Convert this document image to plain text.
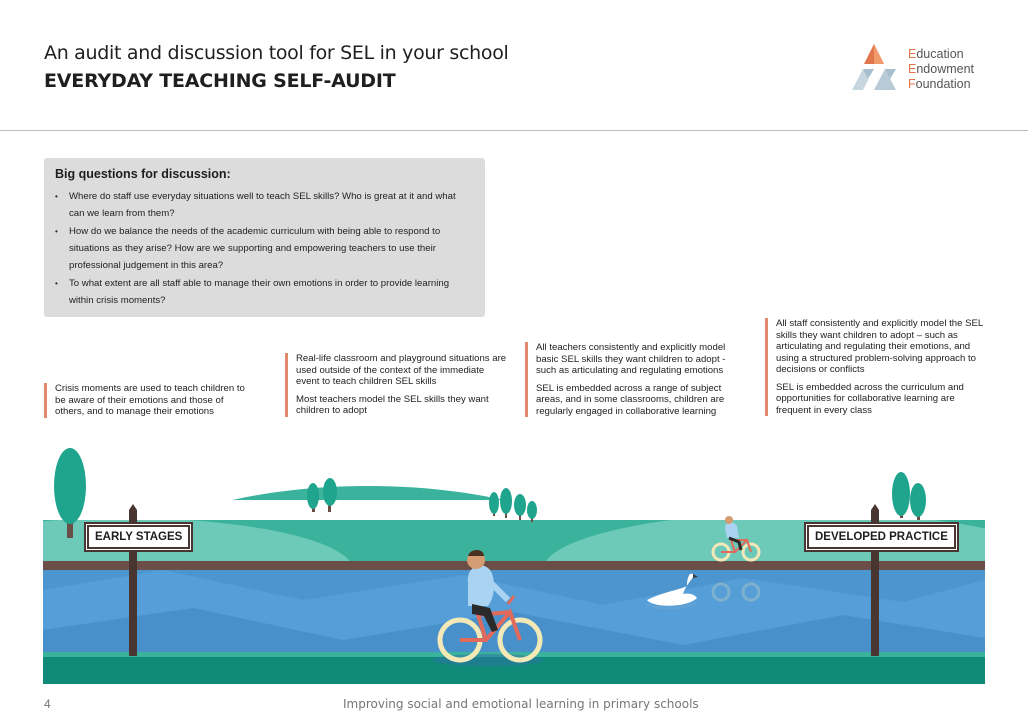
An audit and discussion tool for SEL in your school
EVERYDAY TEACHING SELF-AUDIT
Education
Endowment
Foundation
Big questions for discussion:
• Where do staff use everyday situations well to teach SEL skills? Who is great at it and what can we learn from them?
• How do we balance the needs of the academic curriculum with being able to respond to situations as they arise? How are we supporting and empowering teachers to use their professional judgement in this area?
• To what extent are all staff able to manage their own emotions in order to provide learning within crisis moments?

Crisis moments are used to teach children to be aware of their emotions and those of others, and to manage their emotions

Real-life classroom and playground situations are used outside of the context of the immediate event to teach children SEL skills

Most teachers model the SEL skills they want children to adopt

All teachers consistently and explicitly model basic SEL skills they want children to adopt - such as articulating and regulating emotions

SEL is embedded across a range of subject areas, and in some classrooms, children are regularly engaged in collaborative learning

All staff consistently and explicitly model the SEL skills they want children to adopt – such as articulating and regulating their emotions, and using a structured problem-solving approach to decisions or conflicts

SEL is embedded across the curriculum and opportunities for collaborative learning are frequent in every class

EARLY STAGES	DEVELOPED PRACTICE
4	Improving social and emotional learning in primary schools
